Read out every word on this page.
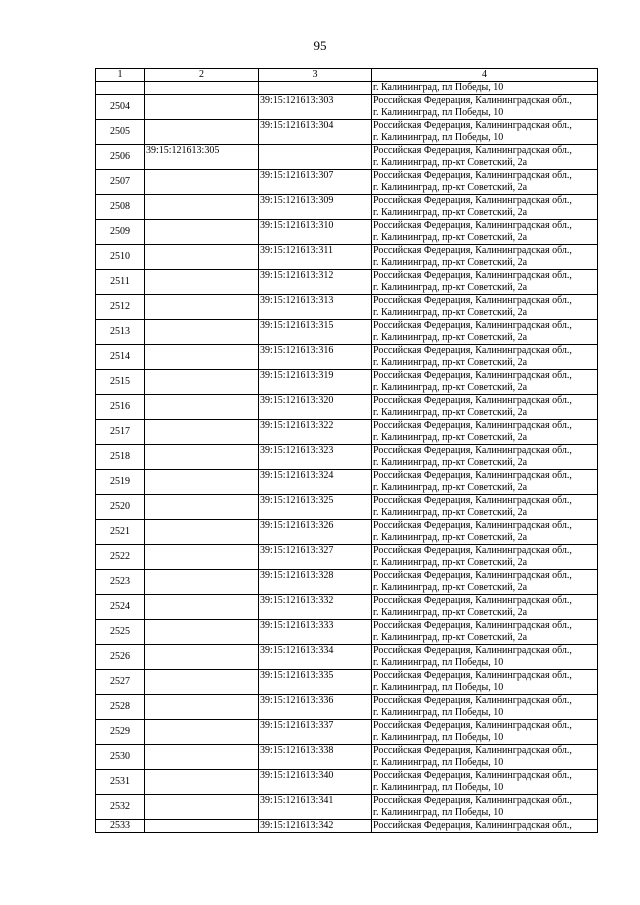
95
1	2	3	4
			г. Калининград, пл Победы, 10
2504		39:15:121613:303	Российская Федерация, Калининградская обл.,
г. Калининград, пл Победы, 10

2505		39:15:121613:304	Российская Федерация, Калининградская обл.,
г. Калининград, пл Победы, 10

2506	39:15:121613:305		Российская Федерация, Калининградская обл.,
г. Калининград, пр-кт Советский, 2а

2507		39:15:121613:307	Российская Федерация, Калининградская обл.,
г. Калининград, пр-кт Советский, 2а

2508		39:15:121613:309	Российская Федерация, Калининградская обл.,
г. Калининград, пр-кт Советский, 2а

2509		39:15:121613:310	Российская Федерация, Калининградская обл.,
г. Калининград, пр-кт Советский, 2а

2510		39:15:121613:311	Российская Федерация, Калининградская обл.,
г. Калининград, пр-кт Советский, 2а

2511		39:15:121613:312	Российская Федерация, Калининградская обл.,
г. Калининград, пр-кт Советский, 2а

2512		39:15:121613:313	Российская Федерация, Калининградская обл.,
г. Калининград, пр-кт Советский, 2а

2513		39:15:121613:315	Российская Федерация, Калининградская обл.,
г. Калининград, пр-кт Советский, 2а

2514		39:15:121613:316	Российская Федерация, Калининградская обл.,
г. Калининград, пр-кт Советский, 2а

2515		39:15:121613:319	Российская Федерация, Калининградская обл.,
г. Калининград, пр-кт Советский, 2а

2516		39:15:121613:320	Российская Федерация, Калининградская обл.,
г. Калининград, пр-кт Советский, 2а

2517		39:15:121613:322	Российская Федерация, Калининградская обл.,
г. Калининград, пр-кт Советский, 2а

2518		39:15:121613:323	Российская Федерация, Калининградская обл.,
г. Калининград, пр-кт Советский, 2а

2519		39:15:121613:324	Российская Федерация, Калининградская обл.,
г. Калининград, пр-кт Советский, 2а

2520		39:15:121613:325	Российская Федерация, Калининградская обл.,
г. Калининград, пр-кт Советский, 2а

2521		39:15:121613:326	Российская Федерация, Калининградская обл.,
г. Калининград, пр-кт Советский, 2а

2522		39:15:121613:327	Российская Федерация, Калининградская обл.,
г. Калининград, пр-кт Советский, 2а

2523		39:15:121613:328	Российская Федерация, Калининградская обл.,
г. Калининград, пр-кт Советский, 2а

2524		39:15:121613:332	Российская Федерация, Калининградская обл.,
г. Калининград, пр-кт Советский, 2а

2525		39:15:121613:333	Российская Федерация, Калининградская обл.,
г. Калининград, пр-кт Советский, 2а

2526		39:15:121613:334	Российская Федерация, Калининградская обл.,
г. Калининград, пл Победы, 10

2527		39:15:121613:335	Российская Федерация, Калининградская обл.,
г. Калининград, пл Победы, 10

2528		39:15:121613:336	Российская Федерация, Калининградская обл.,
г. Калининград, пл Победы, 10

2529		39:15:121613:337	Российская Федерация, Калининградская обл.,
г. Калининград, пл Победы, 10

2530		39:15:121613:338	Российская Федерация, Калининградская обл.,
г. Калининград, пл Победы, 10

2531		39:15:121613:340	Российская Федерация, Калининградская обл.,
г. Калининград, пл Победы, 10

2532		39:15:121613:341	Российская Федерация, Калининградская обл.,
г. Калининград, пл Победы, 10

2533		39:15:121613:342	Российская Федерация, Калининградская обл.,
